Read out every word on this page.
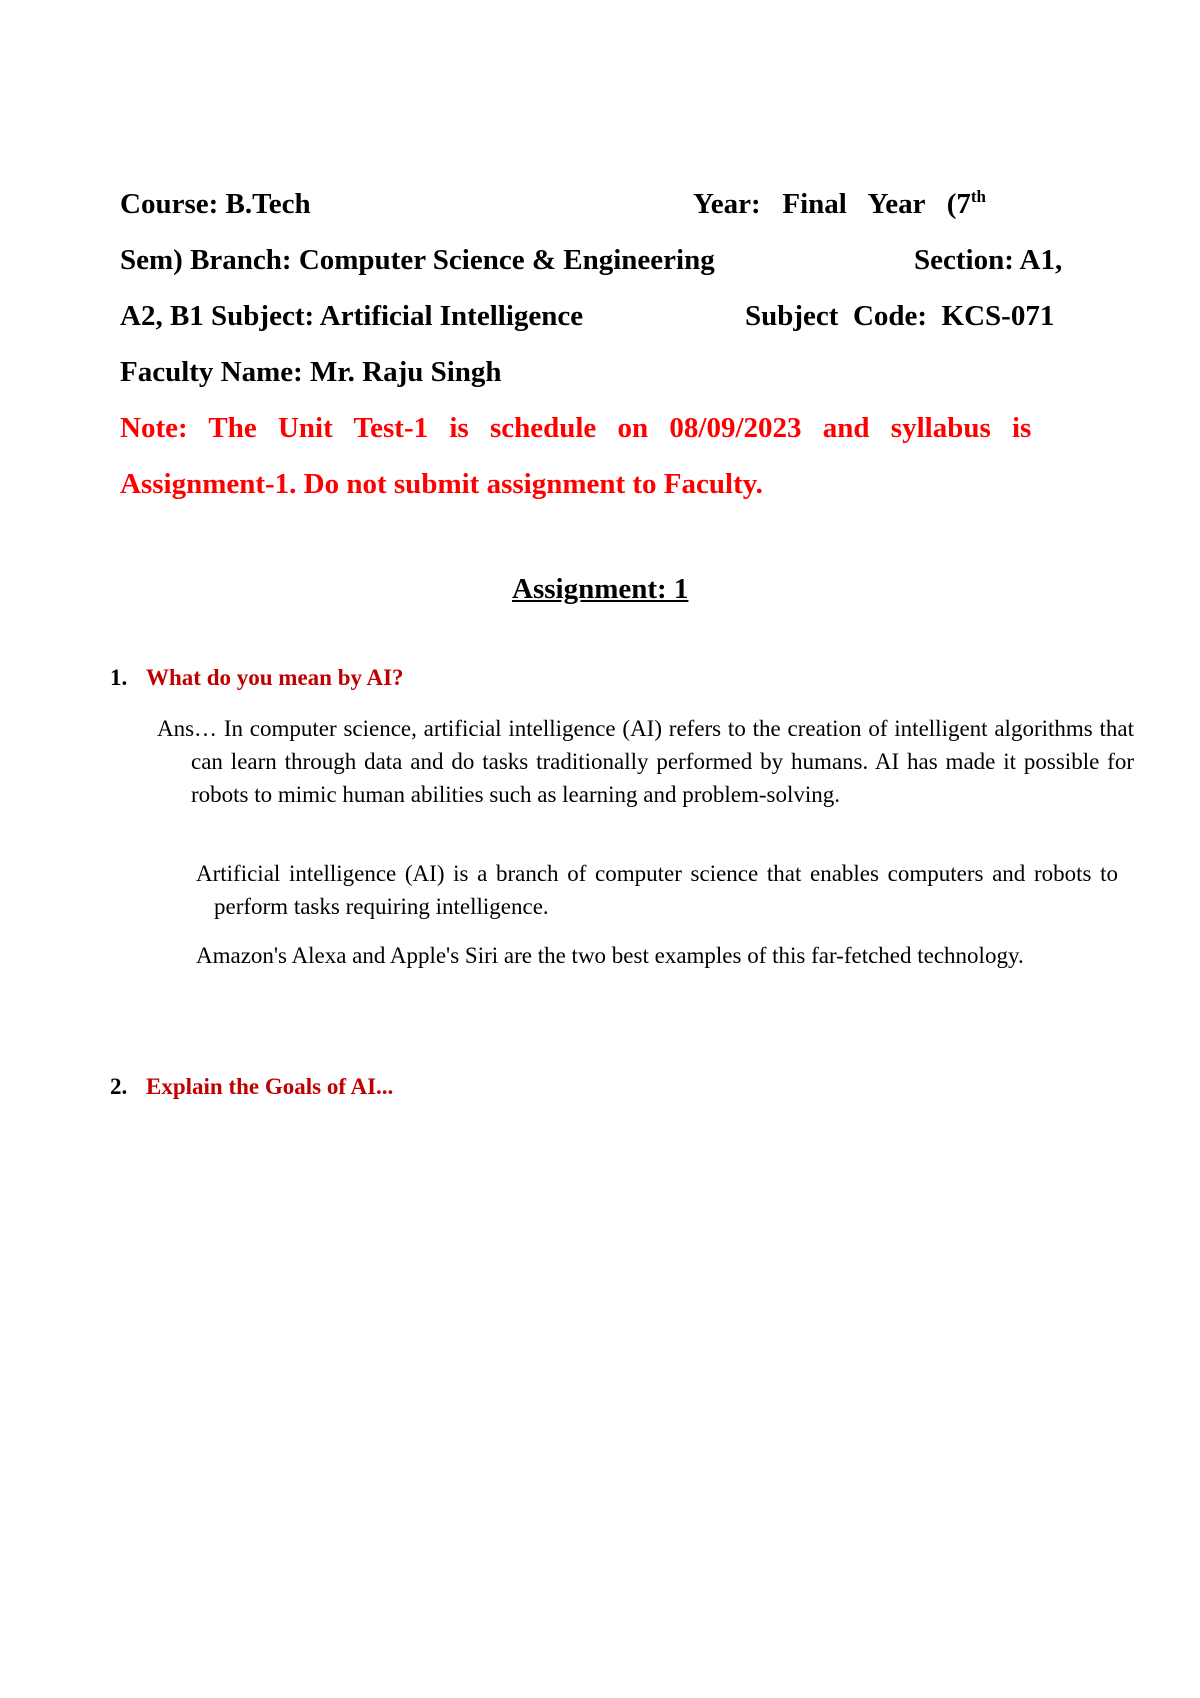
Course: B.Tech	Year:   Final   Year   (7th
Sem) Branch: Computer Science & Engineering	Section: A1,
A2, B1 Subject: Artificial Intelligence	Subject  Code:  KCS-071
Faculty Name: Mr. Raju Singh
Note: The Unit Test-1 is schedule on 08/09/2023 and syllabus is
Assignment-1. Do not submit assignment to Faculty.
Assignment: 1
1. What do you mean by AI?
Ans… In computer science, artificial intelligence (AI) refers to the creation of intelligent algorithms that can learn through data and do tasks traditionally performed by humans. AI has made it possible for robots to mimic human abilities such as learning and problem-solving.
Artificial intelligence (AI) is a branch of computer science that enables computers and robots to perform tasks requiring intelligence.
Amazon's Alexa and Apple's Siri are the two best examples of this far-fetched technology.
2. Explain the Goals of AI...
